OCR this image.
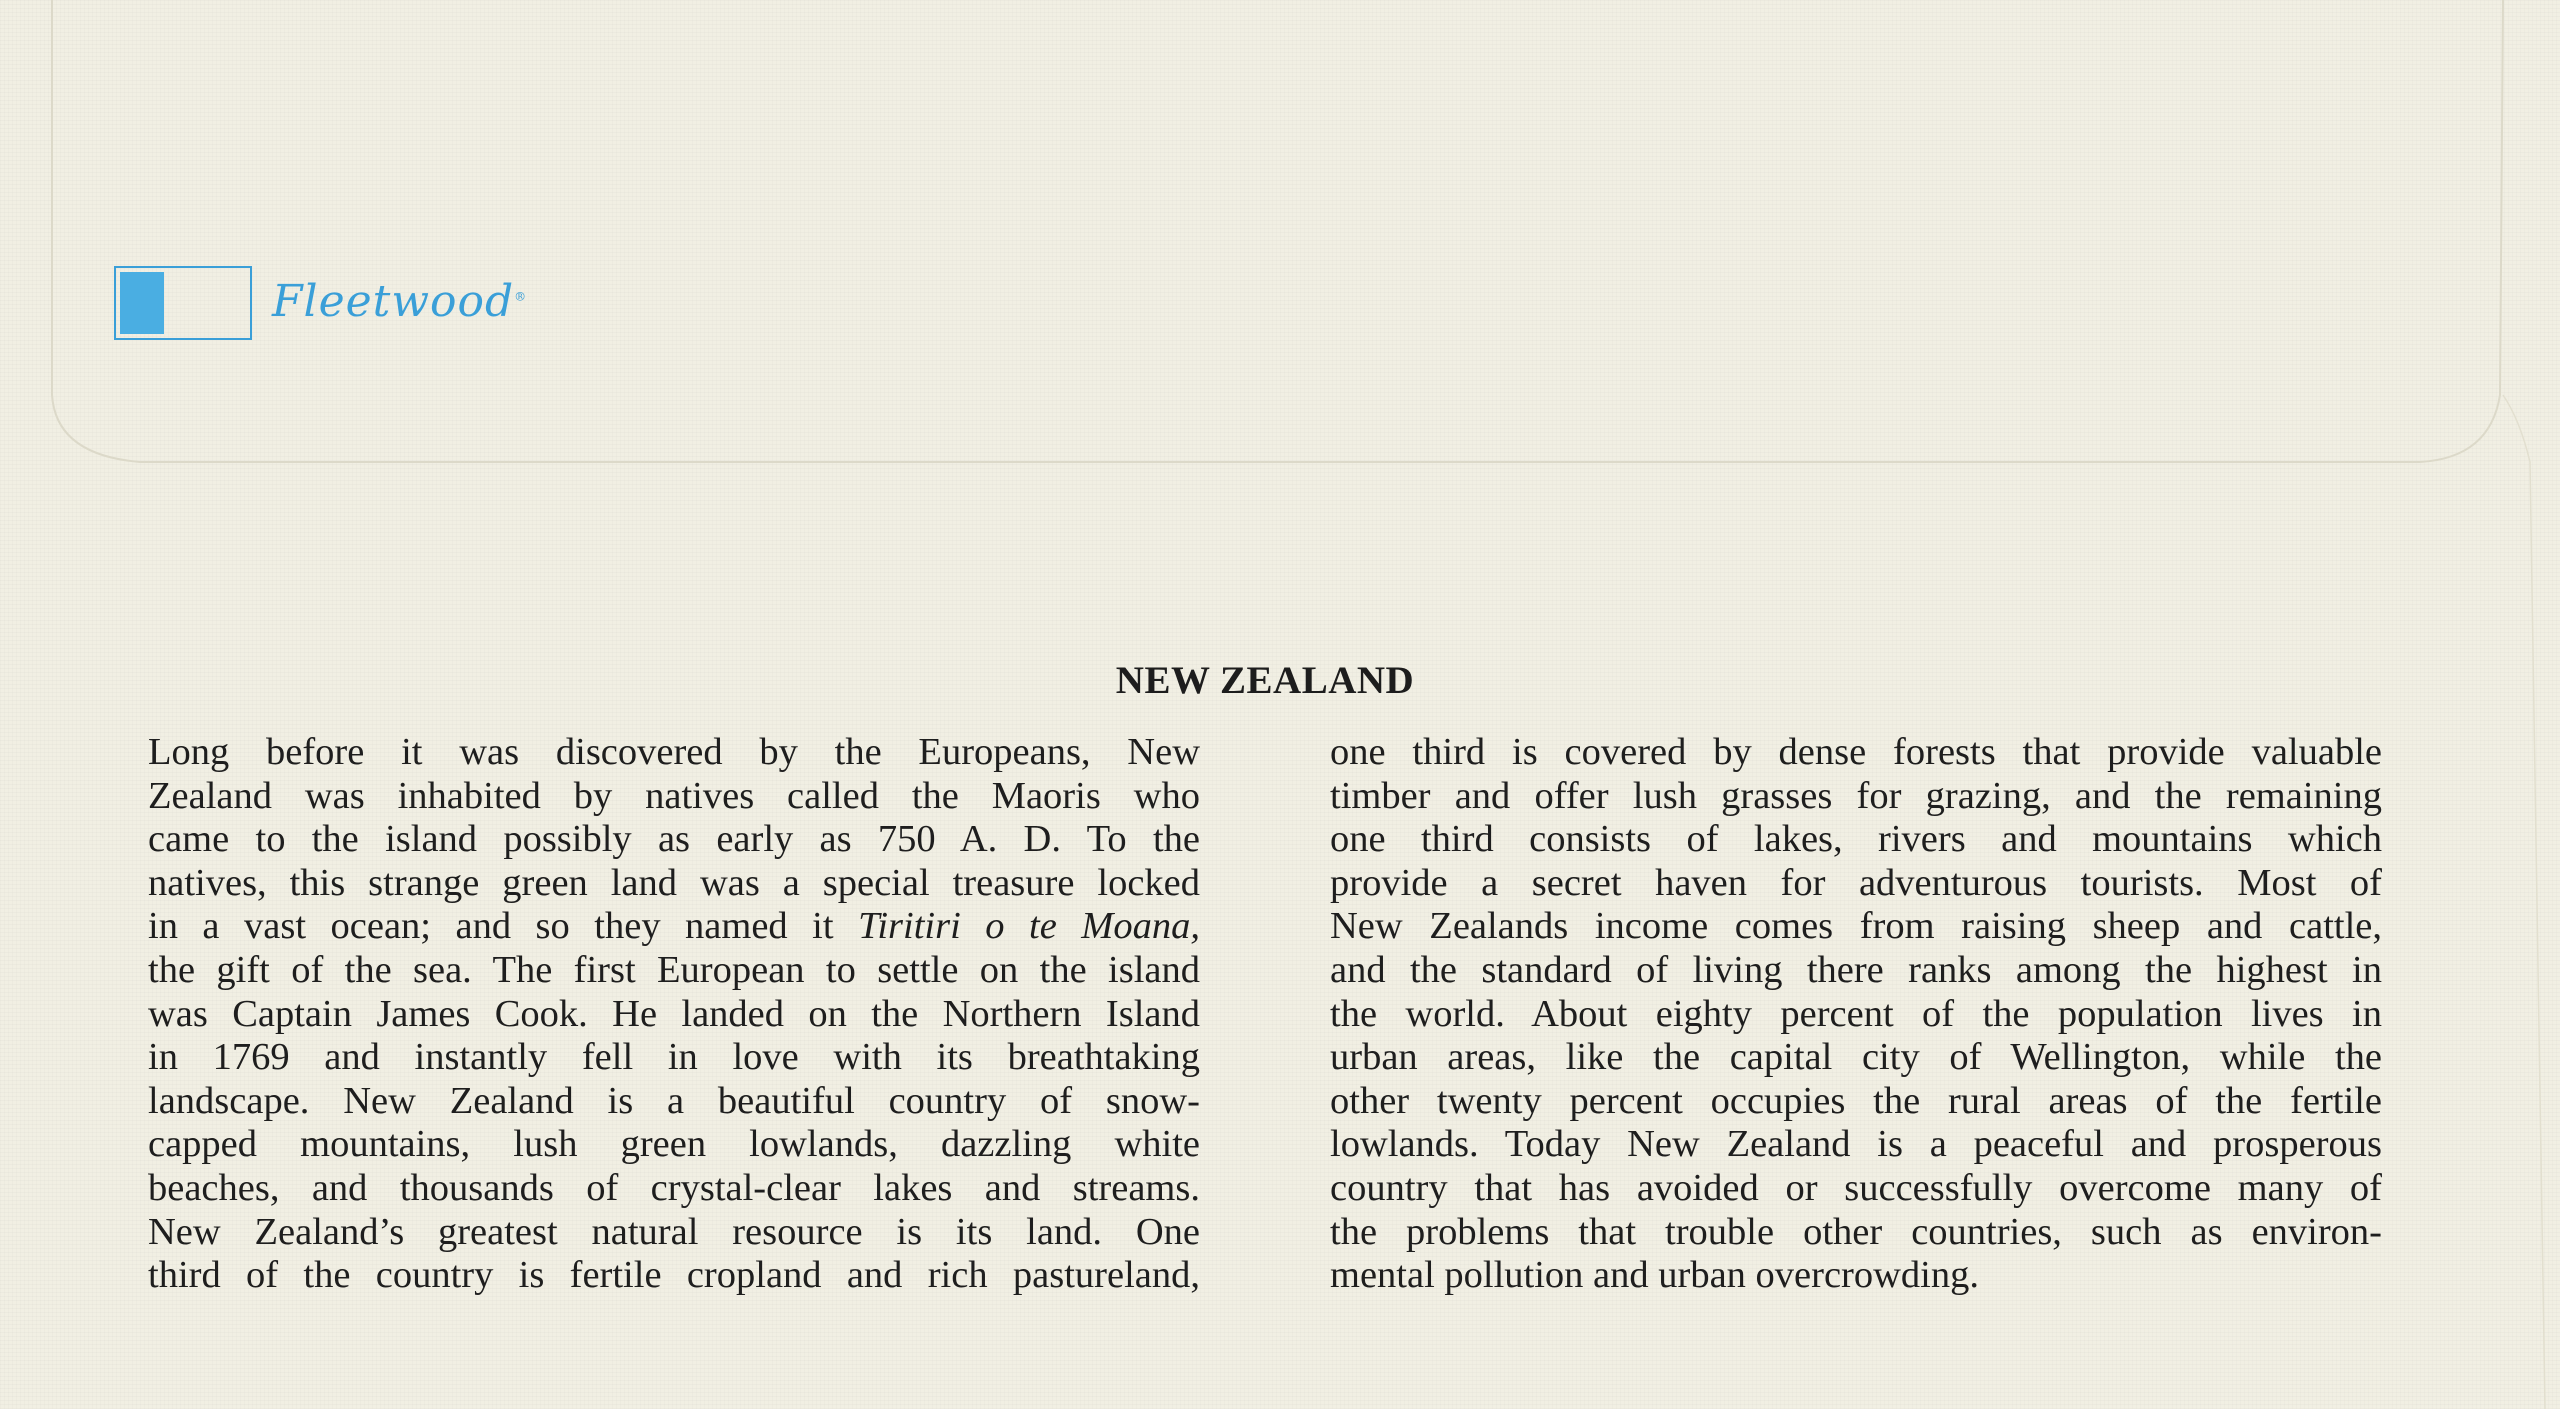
Fleetwood®
NEW ZEALAND
Long before it was discovered by the Europeans, New
Zealand was inhabited by natives called the Maoris who
came to the island possibly as early as 750 A. D. To the
natives, this strange green land was a special treasure locked
in a vast ocean; and so they named it Tiritiri o te Moana,
the gift of the sea. The first European to settle on the island
was Captain James Cook. He landed on the Northern Island
in 1769 and instantly fell in love with its breathtaking
landscape. New Zealand is a beautiful country of snow-
capped mountains, lush green lowlands, dazzling white
beaches, and thousands of crystal-clear lakes and streams.
New Zealand’s greatest natural resource is its land. One
third of the country is fertile cropland and rich pastureland,
one third is covered by dense forests that provide valuable
timber and offer lush grasses for grazing, and the remaining
one third consists of lakes, rivers and mountains which
provide a secret haven for adventurous tourists. Most of
New Zealands income comes from raising sheep and cattle,
and the standard of living there ranks among the highest in
the world. About eighty percent of the population lives in
urban areas, like the capital city of Wellington, while the
other twenty percent occupies the rural areas of the fertile
lowlands. Today New Zealand is a peaceful and prosperous
country that has avoided or successfully overcome many of
the problems that trouble other countries, such as environ-
mental pollution and urban overcrowding.
